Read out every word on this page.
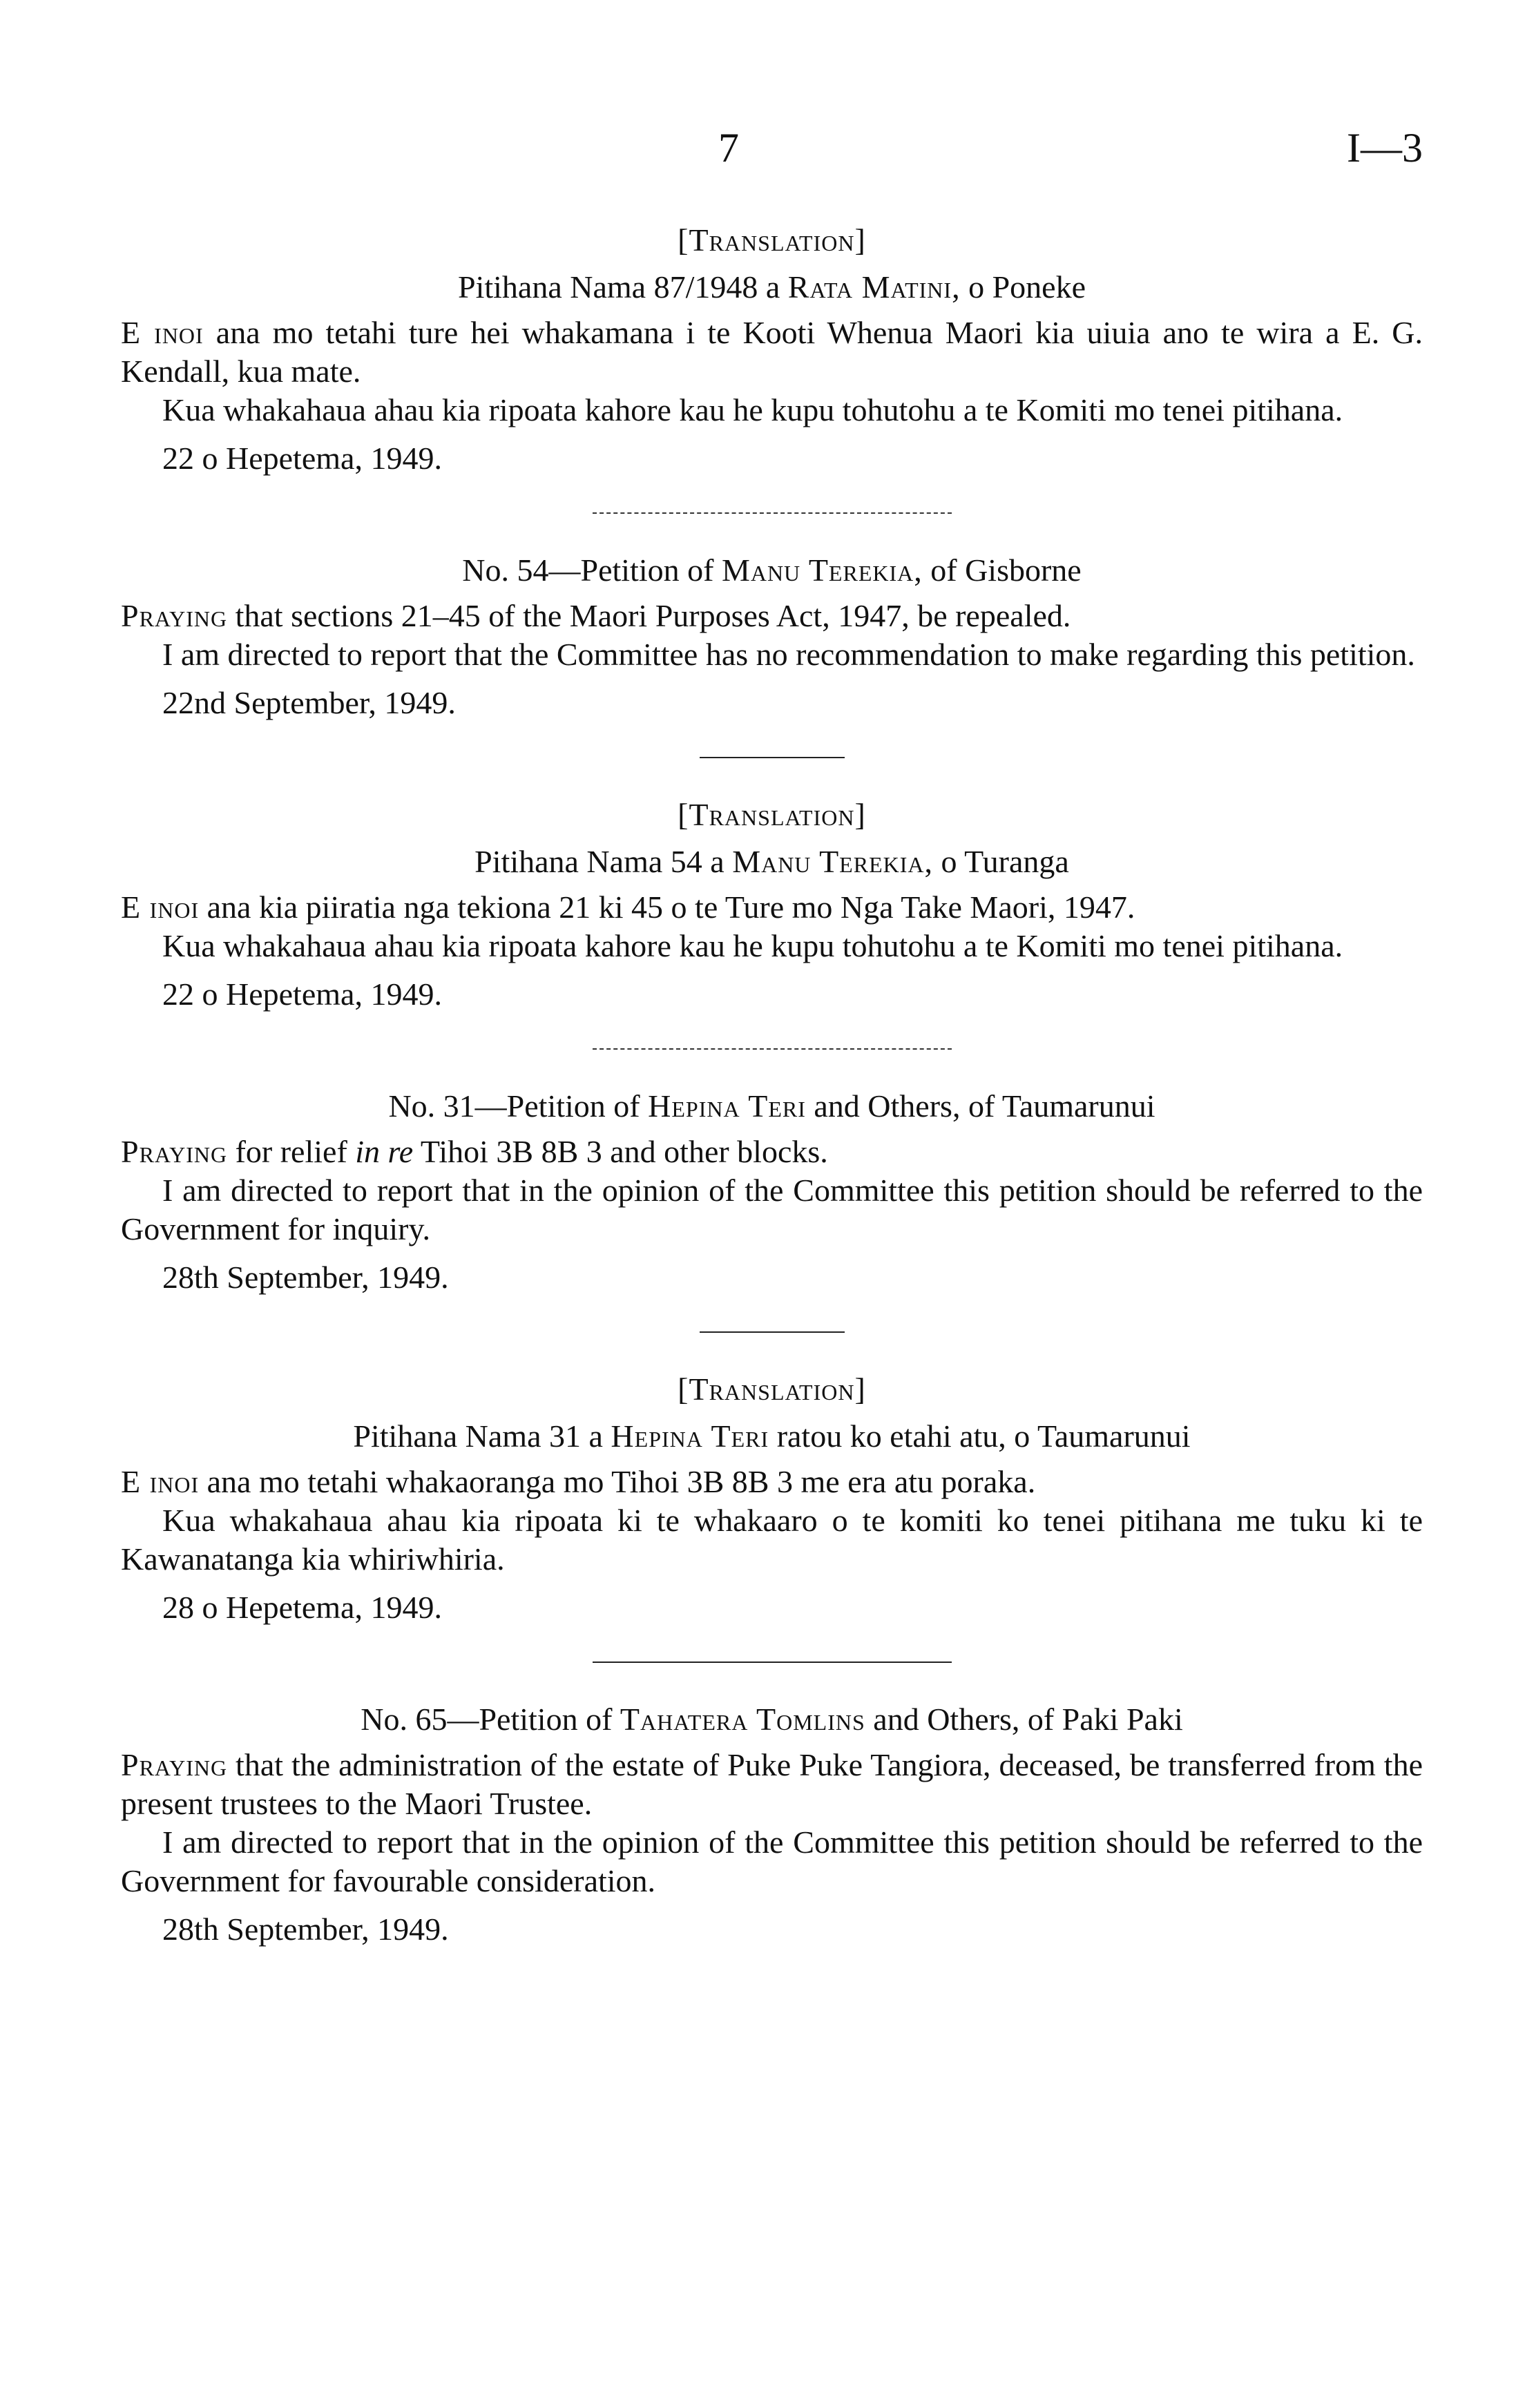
7	I—3
[Translation]
Pitihana Nama 87/1948 a Rata Matini, o Poneke

E inoi ana mo tetahi ture hei whakamana i te Kooti Whenua Maori kia uiuia ano te wira a E. G. Kendall, kua mate.

Kua whakahaua ahau kia ripoata kahore kau he kupu tohutohu a te Komiti mo tenei pitihana.

22 o Hepetema, 1949.
No. 54—Petition of Manu Terekia, of Gisborne

Praying that sections 21–45 of the Maori Purposes Act, 1947, be repealed.

I am directed to report that the Committee has no recommendation to make regarding this petition.

22nd September, 1949.
[Translation]
Pitihana Nama 54 a Manu Terekia, o Turanga

E inoi ana kia piiratia nga tekiona 21 ki 45 o te Ture mo Nga Take Maori, 1947.

Kua whakahaua ahau kia ripoata kahore kau he kupu tohutohu a te Komiti mo tenei pitihana.

22 o Hepetema, 1949.
No. 31—Petition of Hepina Teri and Others, of Taumarunui

Praying for relief in re Tihoi 3B 8B 3 and other blocks.

I am directed to report that in the opinion of the Committee this petition should be referred to the Government for inquiry.

28th September, 1949.
[Translation]
Pitihana Nama 31 a Hepina Teri ratou ko etahi atu, o Taumarunui

E inoi ana mo tetahi whakaoranga mo Tihoi 3B 8B 3 me era atu poraka.

Kua whakahaua ahau kia ripoata ki te whakaaro o te komiti ko tenei pitihana me tuku ki te Kawanatanga kia whiriwhiria.

28 o Hepetema, 1949.
No. 65—Petition of Tahatera Tomlins and Others, of Paki Paki

Praying that the administration of the estate of Puke Puke Tangiora, deceased, be transferred from the present trustees to the Maori Trustee.

I am directed to report that in the opinion of the Committee this petition should be referred to the Government for favourable consideration.

28th September, 1949.
